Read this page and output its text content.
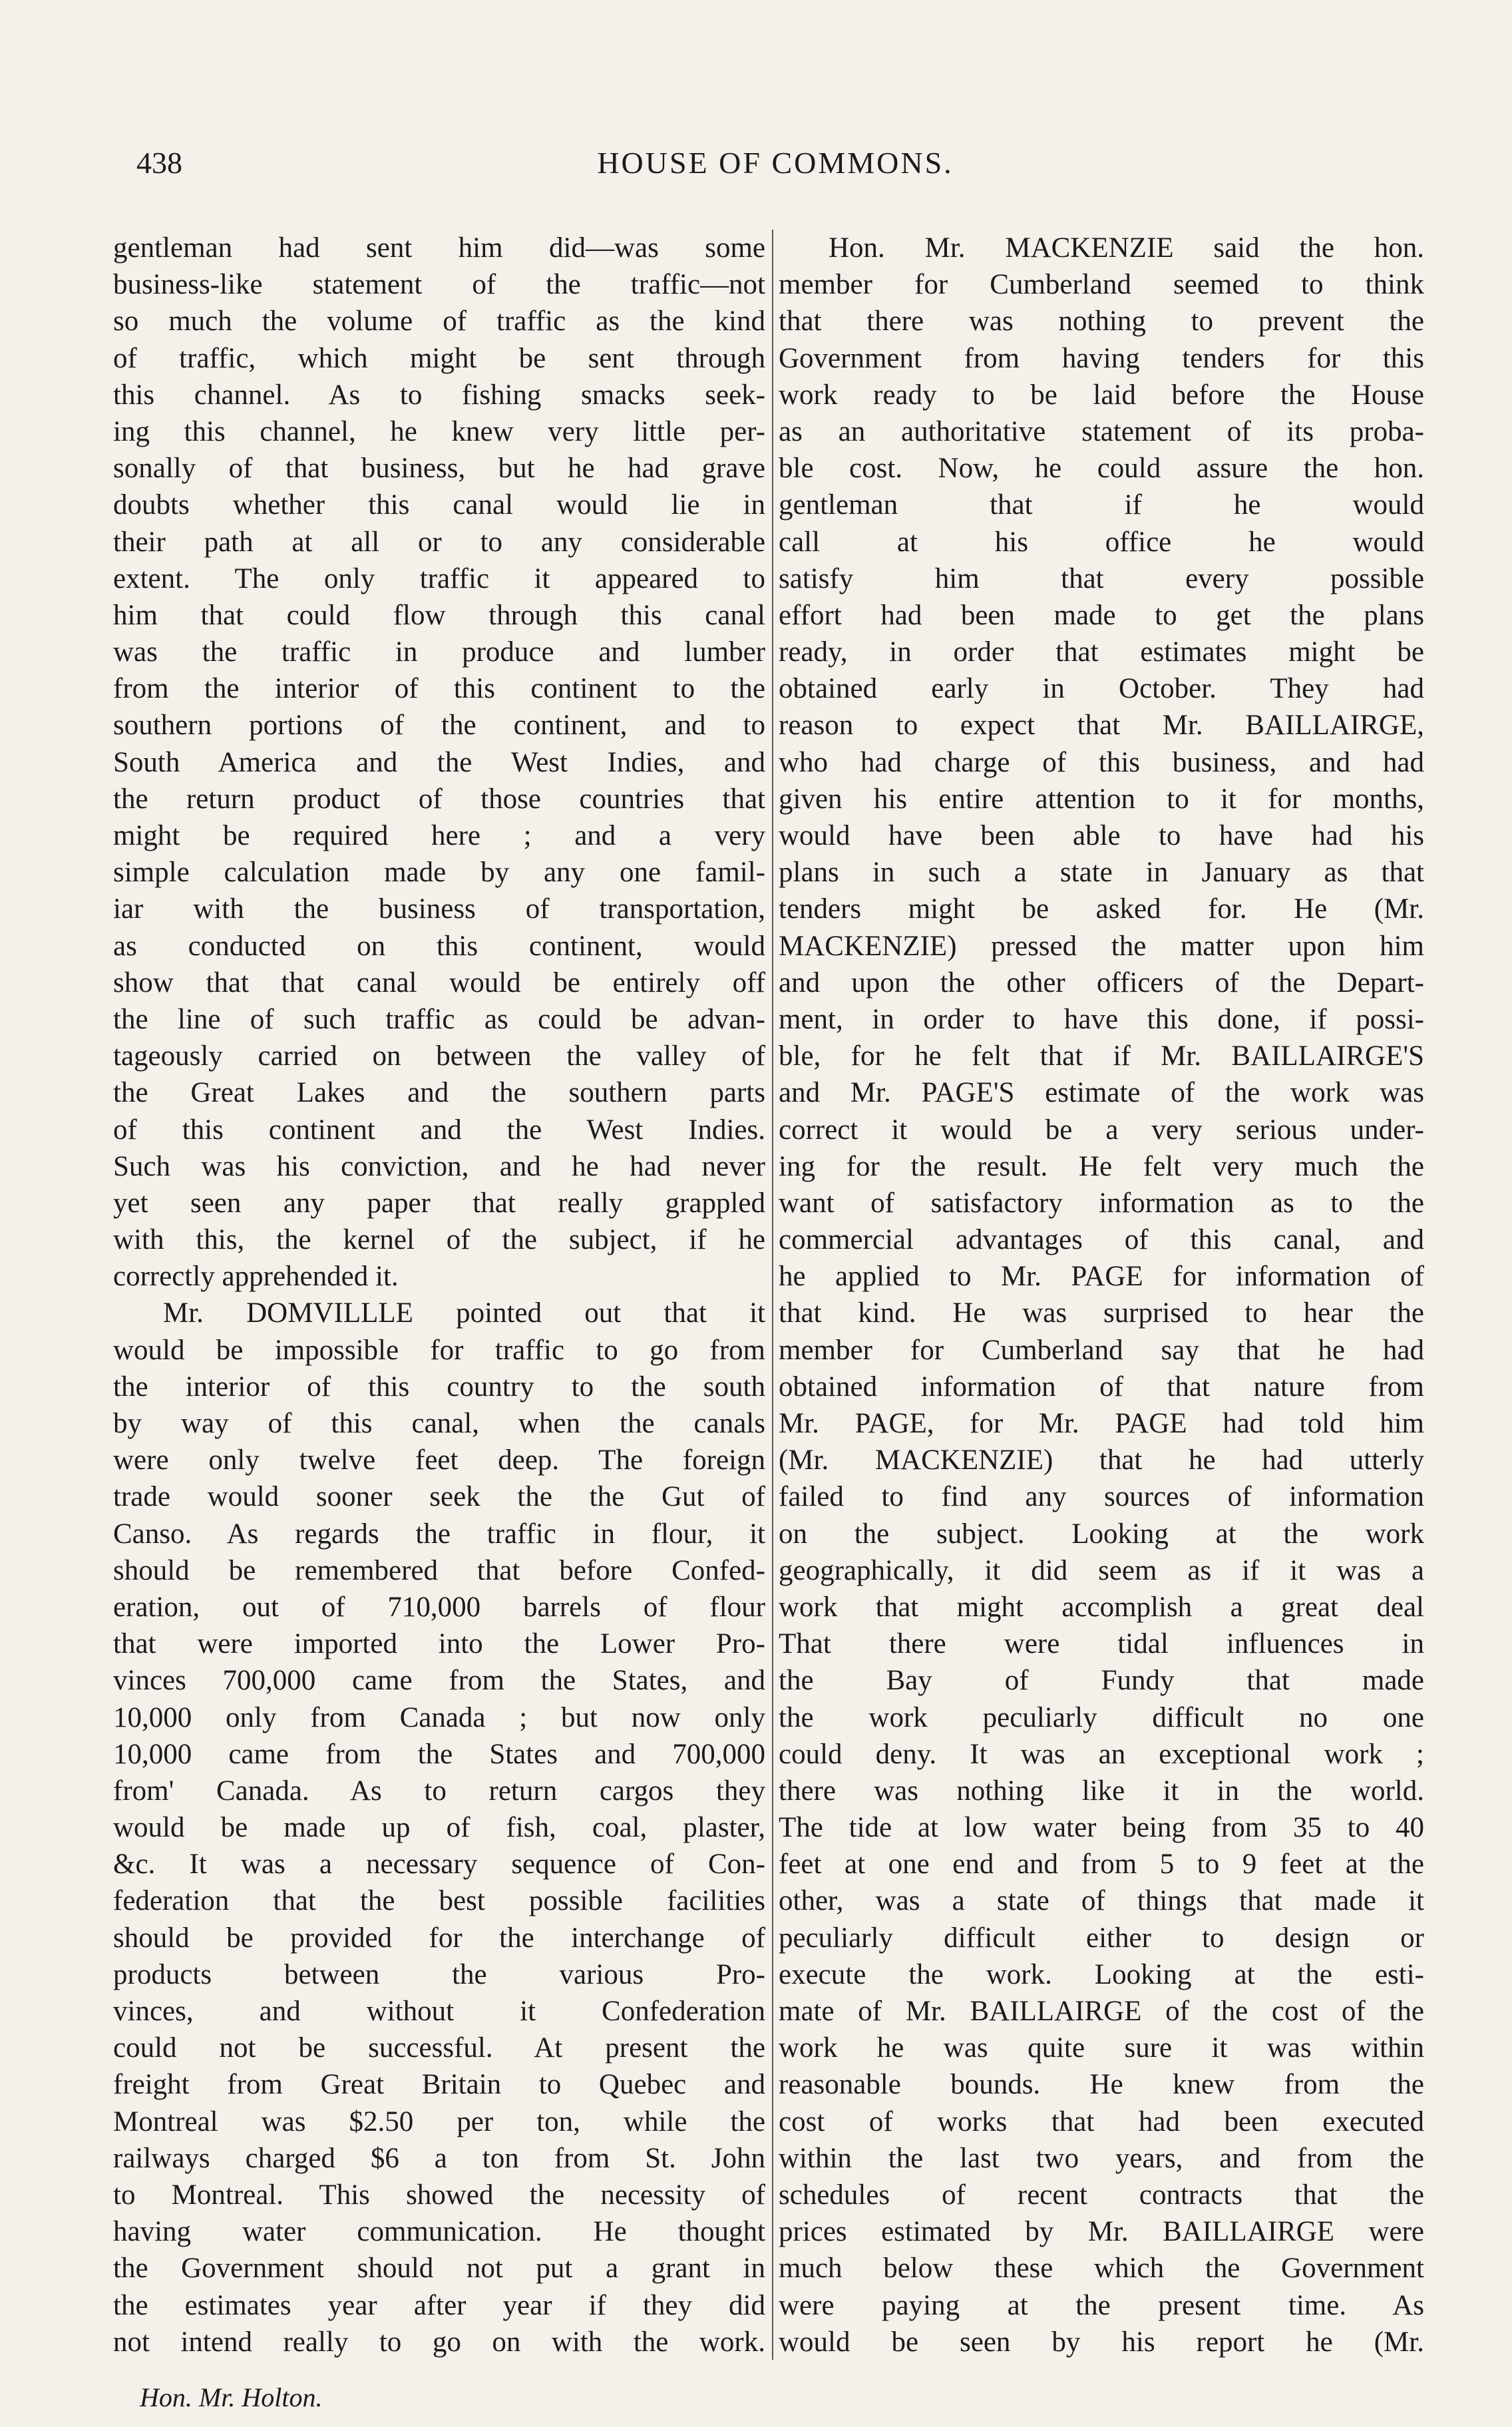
438	HOUSE OF COMMONS.
gentleman had sent him did—was some
business-like statement of the traffic—not
so much the volume of traffic as the kind
of traffic, which might be sent through
this channel. As to fishing smacks seek-
ing this channel, he knew very little per-
sonally of that business, but he had grave
doubts whether this canal would lie in
their path at all or to any considerable
extent. The only traffic it appeared to
him that could flow through this canal
was the traffic in produce and lumber
from the interior of this continent to the
southern portions of the continent, and to
South America and the West Indies, and
the return product of those countries that
might be required here ; and a very
simple calculation made by any one famil-
iar with the business of transportation,
as conducted on this continent, would
show that that canal would be entirely off
the line of such traffic as could be advan-
tageously carried on between the valley of
the Great Lakes and the southern parts
of this continent and the West Indies.
Such was his conviction, and he had never
yet seen any paper that really grappled
with this, the kernel of the subject, if he
correctly apprehended it.
Mr. DOMVILLLE pointed out that it
would be impossible for traffic to go from
the interior of this country to the south
by way of this canal, when the canals
were only twelve feet deep. The foreign
trade would sooner seek the the Gut of
Canso. As regards the traffic in flour, it
should be remembered that before Confed-
eration, out of 710,000 barrels of flour
that were imported into the Lower Pro-
vinces 700,000 came from the States, and
10,000 only from Canada ; but now only
10,000 came from the States and 700,000
from' Canada. As to return cargos they
would be made up of fish, coal, plaster,
&c. It was a necessary sequence of Con-
federation that the best possible facilities
should be provided for the interchange of
products between the various Pro-
vinces, and without it Confederation
could not be successful. At present the
freight from Great Britain to Quebec and
Montreal was $2.50 per ton, while the
railways charged $6 a ton from St. John
to Montreal. This showed the necessity of
having water communication. He thought
the Government should not put a grant in
the estimates year after year if they did
not intend really to go on with the work.
Hon. Mr. MACKENZIE said the hon.
member for Cumberland seemed to think
that there was nothing to prevent the
Government from having tenders for this
work ready to be laid before the House
as an authoritative statement of its proba-
ble cost. Now, he could assure the hon.
gentleman that if he would
call at his office he would
satisfy him that every possible
effort had been made to get the plans
ready, in order that estimates might be
obtained early in October. They had
reason to expect that Mr. BAILLAIRGE,
who had charge of this business, and had
given his entire attention to it for months,
would have been able to have had his
plans in such a state in January as that
tenders might be asked for. He (Mr.
MACKENZIE) pressed the matter upon him
and upon the other officers of the Depart-
ment, in order to have this done, if possi-
ble, for he felt that if Mr. BAILLAIRGE'S
and Mr. PAGE'S estimate of the work was
correct it would be a very serious under-
ing for the result. He felt very much the
want of satisfactory information as to the
commercial advantages of this canal, and
he applied to Mr. PAGE for information of
that kind. He was surprised to hear the
member for Cumberland say that he had
obtained information of that nature from
Mr. PAGE, for Mr. PAGE had told him
(Mr. MACKENZIE) that he had utterly
failed to find any sources of information
on the subject. Looking at the work
geographically, it did seem as if it was a
work that might accomplish a great deal
That there were tidal influences in
the Bay of Fundy that made
the work peculiarly difficult no one
could deny. It was an exceptional work ;
there was nothing like it in the world.
The tide at low water being from 35 to 40
feet at one end and from 5 to 9 feet at the
other, was a state of things that made it
peculiarly difficult either to design or
execute the work. Looking at the esti-
mate of Mr. BAILLAIRGE of the cost of the
work he was quite sure it was within
reasonable bounds. He knew from the
cost of works that had been executed
within the last two years, and from the
schedules of recent contracts that the
prices estimated by Mr. BAILLAIRGE were
much below these which the Government
were paying at the present time. As
would be seen by his report he (Mr.
Hon. Mr. Holton.
